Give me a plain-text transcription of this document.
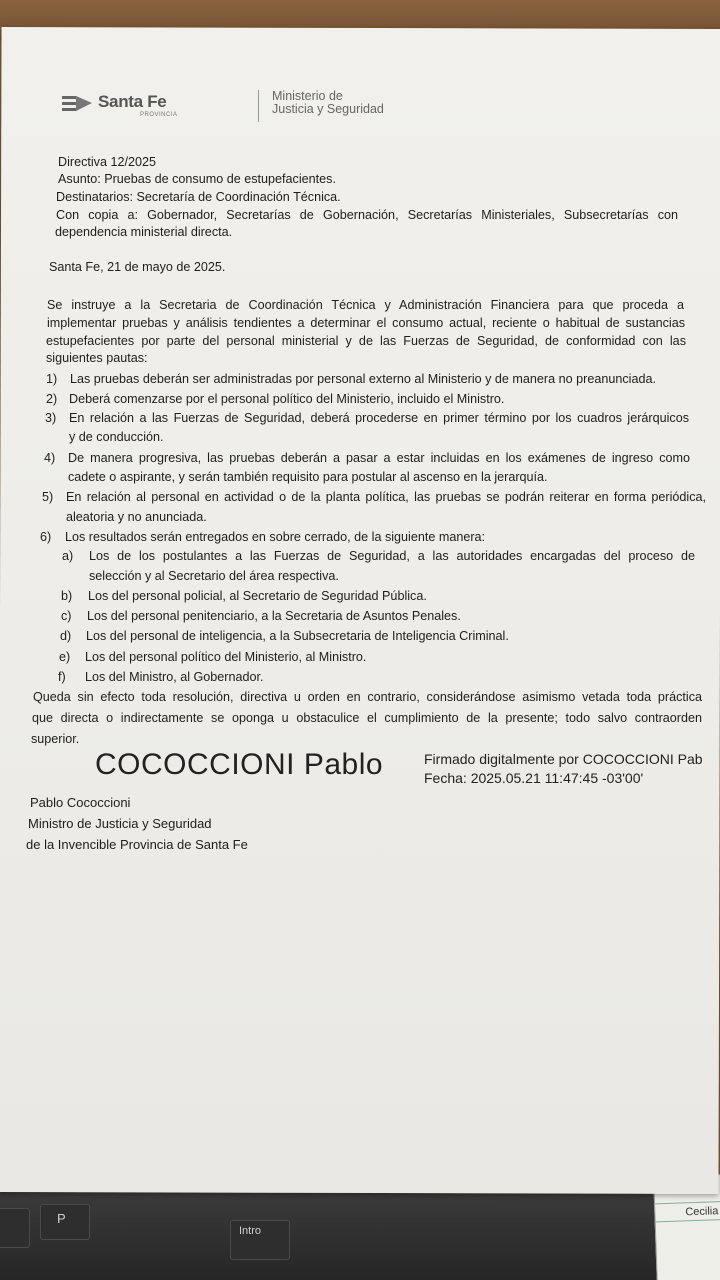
P
Intro
Cecilia
Santa Fe
PROVINCIA
Ministerio de
Justicia y Seguridad
Directiva 12/2025
Asunto: Pruebas de consumo de estupefacientes.
Destinatarios: Secretaría de Coordinación Técnica.
Con copia a: Gobernador, Secretarías de Gobernación, Secretarías Ministeriales, Subsecretarías con
dependencia ministerial directa.
Santa Fe, 21 de mayo de 2025.
Se instruye a la Secretaria de Coordinación Técnica y Administración Financiera para que proceda a
implementar pruebas y análisis tendientes a determinar el consumo actual, reciente o habitual de sustancias
estupefacientes por parte del personal ministerial y de las Fuerzas de Seguridad, de conformidad con las
siguientes pautas:
1) Las pruebas deberán ser administradas por personal externo al Ministerio y de manera no preanunciada.
2) Deberá comenzarse por el personal político del Ministerio, incluido el Ministro.
3) En relación a las Fuerzas de Seguridad, deberá procederse en primer término por los cuadros jerárquicos
y de conducción.
4) De manera progresiva, las pruebas deberán a pasar a estar incluidas en los exámenes de ingreso como
cadete o aspirante, y serán también requisito para postular al ascenso en la jerarquía.
5) En relación al personal en actividad o de la planta política, las pruebas se podrán reiterar en forma periódica,
aleatoria y no anunciada.
6) Los resultados serán entregados en sobre cerrado, de la siguiente manera:
a) Los de los postulantes a las Fuerzas de Seguridad, a las autoridades encargadas del proceso de
selección y al Secretario del área respectiva.
b) Los del personal policial, al Secretario de Seguridad Pública.
c) Los del personal penitenciario, a la Secretaria de Asuntos Penales.
d) Los del personal de inteligencia, a la Subsecretaria de Inteligencia Criminal.
e) Los del personal político del Ministerio, al Ministro.
f) Los del Ministro, al Gobernador.
Queda sin efecto toda resolución, directiva u orden en contrario, considerándose asimismo vetada toda práctica
que directa o indirectamente se oponga u obstaculice el cumplimiento de la presente; todo salvo contraorden
superior.
COCOCCIONI Pablo	Firmado digitalmente por COCOCCIONI Pab
Fecha: 2025.05.21 11:47:45 -03'00'
Pablo Cococcioni
Ministro de Justicia y Seguridad
de la Invencible Provincia de Santa Fe
